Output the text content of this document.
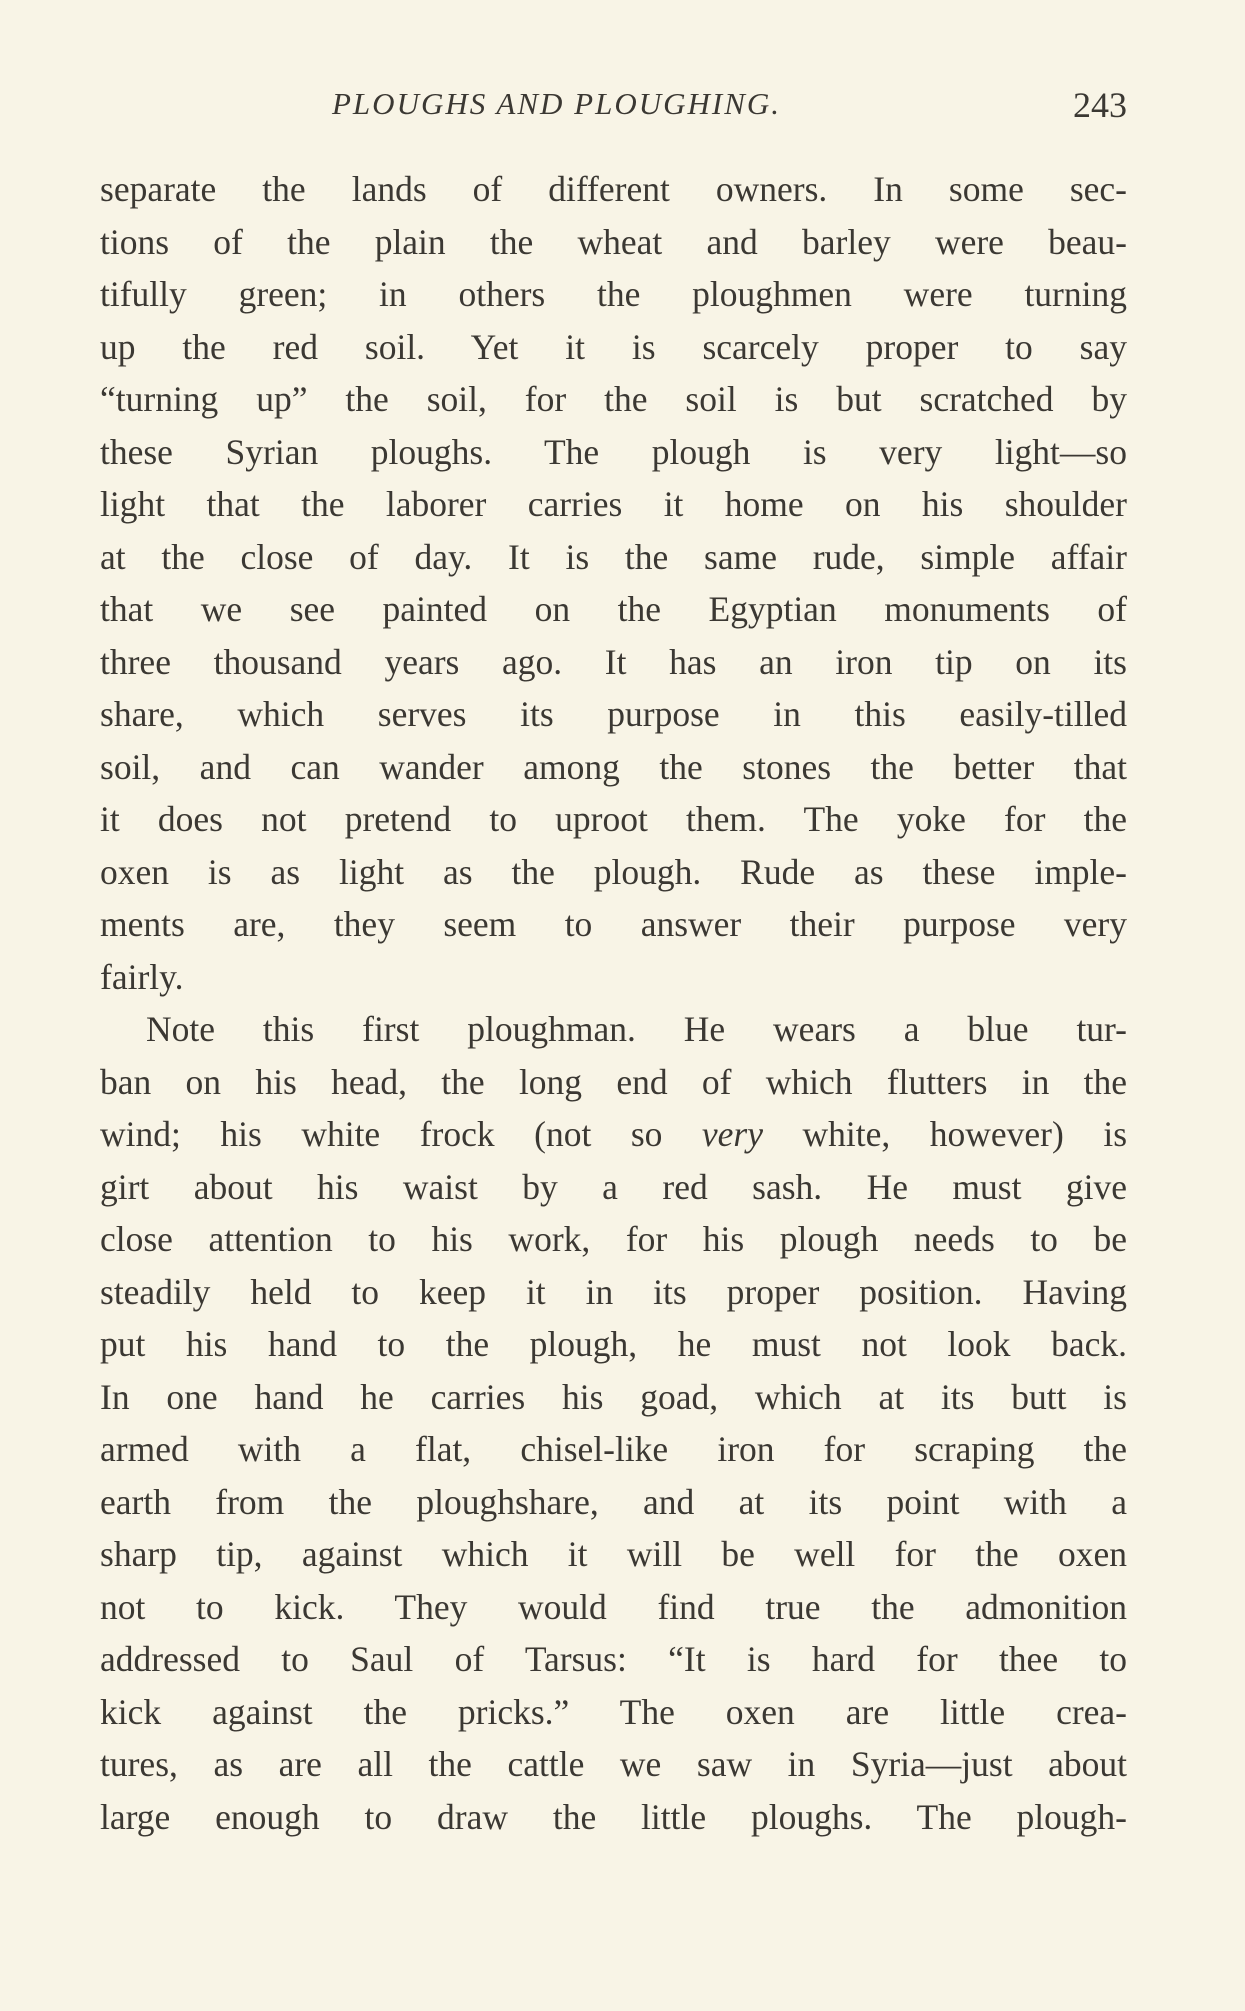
PLOUGHS AND PLOUGHING.	243
separate the lands of different owners. In some sec-
tions of the plain the wheat and barley were beau-
tifully green; in others the ploughmen were turning
up the red soil. Yet it is scarcely proper to say
“turning up” the soil, for the soil is but scratched by
these Syrian ploughs. The plough is very light—so
light that the laborer carries it home on his shoulder
at the close of day. It is the same rude, simple affair
that we see painted on the Egyptian monuments of
three thousand years ago. It has an iron tip on its
share, which serves its purpose in this easily-tilled
soil, and can wander among the stones the better that
it does not pretend to uproot them. The yoke for the
oxen is as light as the plough. Rude as these imple-
ments are, they seem to answer their purpose very
fairly.
Note this first ploughman. He wears a blue tur-
ban on his head, the long end of which flutters in the
wind; his white frock (not so very white, however) is
girt about his waist by a red sash. He must give
close attention to his work, for his plough needs to be
steadily held to keep it in its proper position. Having
put his hand to the plough, he must not look back.
In one hand he carries his goad, which at its butt is
armed with a flat, chisel-like iron for scraping the
earth from the ploughshare, and at its point with a
sharp tip, against which it will be well for the oxen
not to kick. They would find true the admonition
addressed to Saul of Tarsus: “It is hard for thee to
kick against the pricks.” The oxen are little crea-
tures, as are all the cattle we saw in Syria—just about
large enough to draw the little ploughs. The plough-
